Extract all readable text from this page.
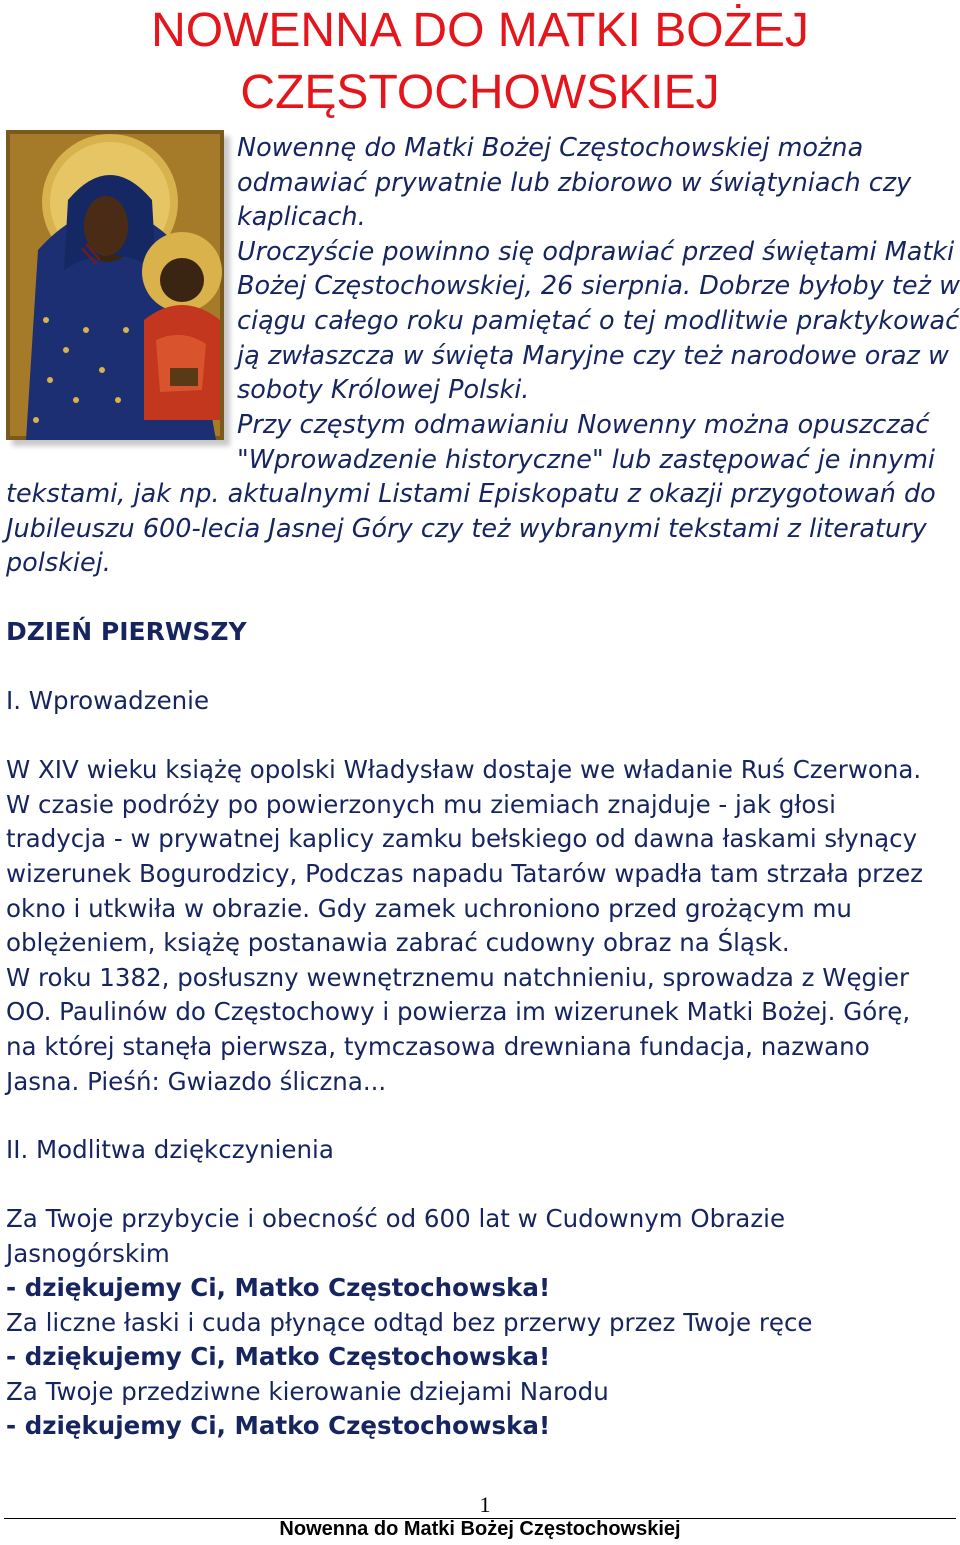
NOWENNA DO MATKI BOŻEJ
CZĘSTOCHOWSKIEJ

Nowennę do Matki Bożej Częstochowskiej można

odmawiać prywatnie lub zbiorowo w świątyniach czy

kaplicach.

Uroczyście powinno się odprawiać przed świętami Matki

Bożej Częstochowskiej, 26 sierpnia. Dobrze byłoby też w

ciągu całego roku pamiętać o tej modlitwie praktykować

ją zwłaszcza w święta Maryjne czy też narodowe oraz w

soboty Królowej Polski.

Przy częstym odmawianiu Nowenny można opuszczać

"Wprowadzenie historyczne" lub zastępować je innymi

tekstami, jak np. aktualnymi Listami Episkopatu z okazji przygotowań do

Jubileuszu 600-lecia Jasnej Góry czy też wybranymi tekstami z literatury

polskiej.

DZIEŃ PIERWSZY

I. Wprowadzenie

W XIV wieku książę opolski Władysław dostaje we władanie Ruś Czerwona.

W czasie podróży po powierzonych mu ziemiach znajduje - jak głosi

tradycja - w prywatnej kaplicy zamku bełskiego od dawna łaskami słynący

wizerunek Bogurodzicy, Podczas napadu Tatarów wpadła tam strzała przez

okno i utkwiła w obrazie. Gdy zamek uchroniono przed grożącym mu

oblężeniem, książę postanawia zabrać cudowny obraz na Śląsk.

W roku 1382, posłuszny wewnętrznemu natchnieniu, sprowadza z Węgier

OO. Paulinów do Częstochowy i powierza im wizerunek Matki Bożej. Górę,

na której stanęła pierwsza, tymczasowa drewniana fundacja, nazwano

Jasna. Pieśń: Gwiazdo śliczna...

II. Modlitwa dziękczynienia

Za Twoje przybycie i obecność od 600 lat w Cudownym Obrazie

Jasnogórskim

- dziękujemy Ci, Matko Częstochowska!

Za liczne łaski i cuda płynące odtąd bez przerwy przez Twoje ręce

- dziękujemy Ci, Matko Częstochowska!

Za Twoje przedziwne kierowanie dziejami Narodu

- dziękujemy Ci, Matko Częstochowska!

1
Nowenna do Matki Bożej Częstochowskiej
